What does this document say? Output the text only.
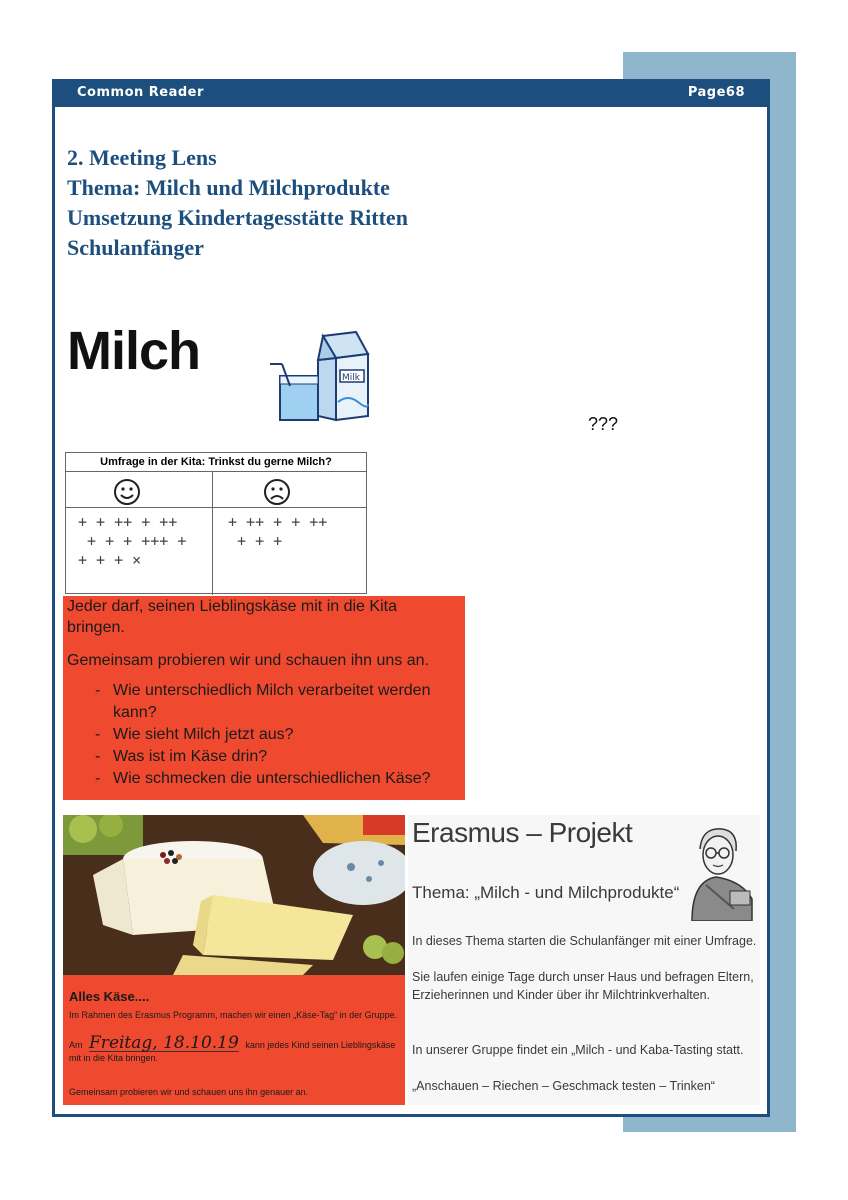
Common Reader	Page68
2. Meeting Lens
Thema: Milch und Milchprodukte
Umsetzung Kindertagesstätte Ritten
Schulanfänger
Milch	Milk
Umfrage in der Kita: Trinkst du gerne Milch?
+ + ++ + ++
+ + + +++ +
+ + + ×
+ ++ + + ++
+ + +
???
Jeder darf, seinen Lieblingskäse mit in die Kita bringen.
Gemeinsam probieren wir und schauen ihn uns an.
- Wie unterschiedlich Milch verarbeitet werden kann?
- Wie sieht Milch jetzt aus?
- Was ist im Käse drin?
- Wie schmecken die unterschiedlichen Käse?
Alles Käse....
Im Rahmen des Erasmus Programm, machen wir einen „Käse-Tag“ in der Gruppe.
Am Freitag, 18.10.19 kann jedes Kind seinen Lieblingskäse mit in die Kita bringen.
Gemeinsam probieren wir und schauen uns ihn genauer an.
Erasmus – Projekt
Thema: „Milch - und Milchprodukte“
In dieses Thema starten die Schulanfänger mit einer Umfrage.
Sie laufen einige Tage durch unser Haus und befragen Eltern, Erzieherinnen und Kinder über ihr Milchtrinkverhalten.
In unserer Gruppe findet ein „Milch - und Kaba-Tasting statt.
„Anschauen – Riechen – Geschmack testen – Trinken“
